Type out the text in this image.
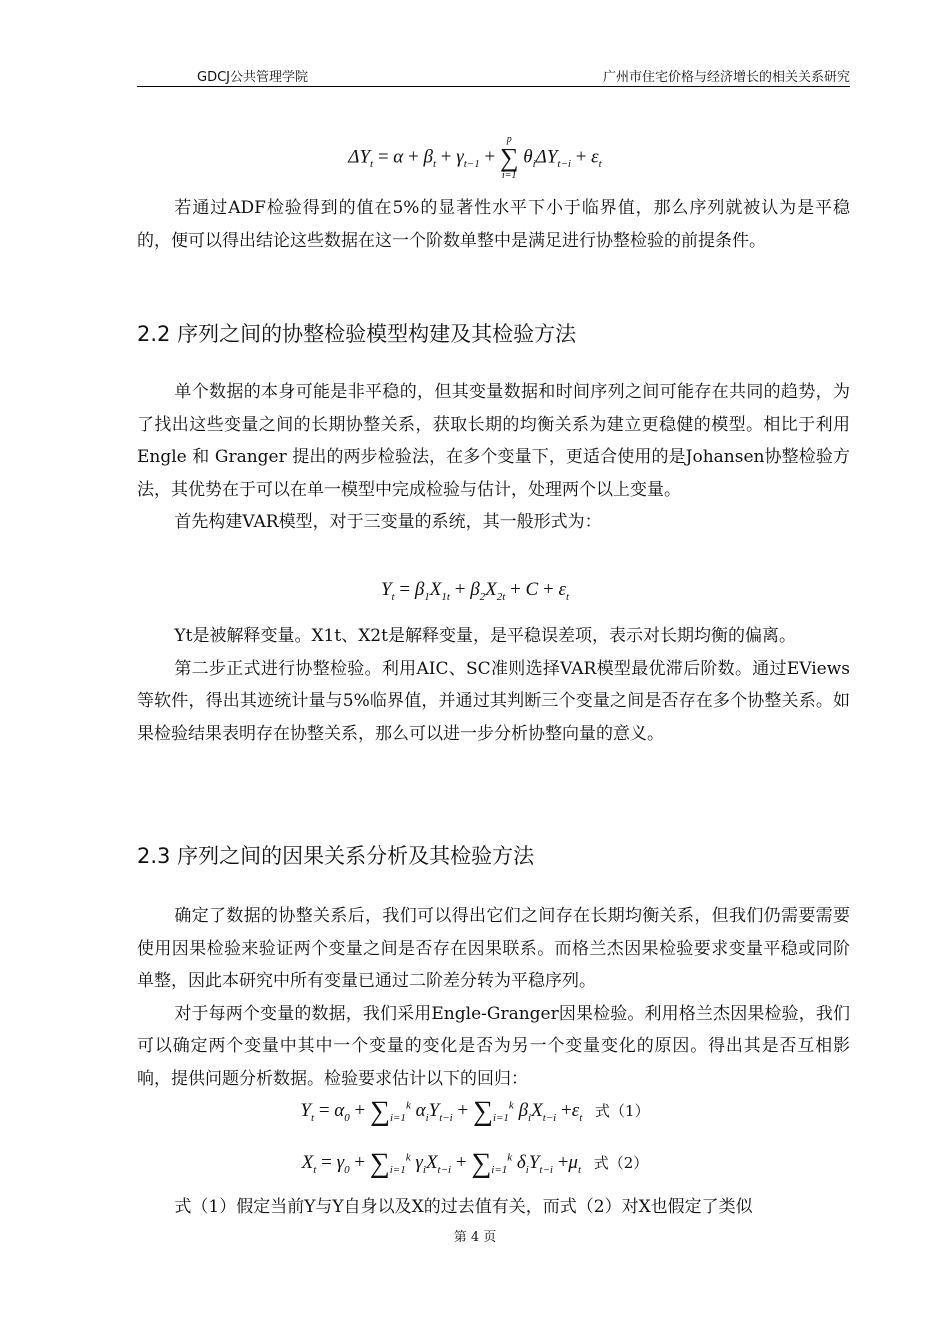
GDCJ公共管理学院	广州市住宅价格与经济增长的相关关系研究
$\Delta Y_t = \alpha + \beta_t + \gamma_{t-1}$ +
p
∑
i=1
$\theta_i\Delta Y_{t-i} + \varepsilon_t$

若通过ADF检验得到的值在5%的显著性水平下小于临界值，那么序列就被认为是平稳的，便可以得出结论这些数据在这一个阶数单整中是满足进行协整检验的前提条件。

2.2 序列之间的协整检验模型构建及其检验方法

单个数据的本身可能是非平稳的，但其变量数据和时间序列之间可能存在共同的趋势，为了找出这些变量之间的长期协整关系，获取长期的均衡关系为建立更稳健的模型。相比于利用Engle 和 Granger 提出的两步检验法，在多个变量下，更适合使用的是Johansen协整检验方法，其优势在于可以在单一模型中完成检验与估计，处理两个以上变量。

首先构建VAR模型，对于三变量的系统，其一般形式为：

$Y_t = \beta_1X_{1t} + \beta_2X_{2t} + C + \varepsilon_t$

Yt是被解释变量。X1t、X2t是解释变量，是平稳误差项，表示对长期均衡的偏离。

第二步正式进行协整检验。利用AIC、SC准则选择VAR模型最优滞后阶数。通过EViews等软件，得出其迹统计量与5%临界值，并通过其判断三个变量之间是否存在多个协整关系。如果检验结果表明存在协整关系，那么可以进一步分析协整向量的意义。

2.3 序列之间的因果关系分析及其检验方法

确定了数据的协整关系后，我们可以得出它们之间存在长期均衡关系，但我们仍需要需要使用因果检验来验证两个变量之间是否存在因果联系。而格兰杰因果检验要求变量平稳或同阶单整，因此本研究中所有变量已通过二阶差分转为平稳序列。

对于每两个变量的数据，我们采用Engle-Granger因果检验。利用格兰杰因果检验，我们可以确定两个变量中其中一个变量的变化是否为另一个变量变化的原因。得出其是否互相影响，提供问题分析数据。检验要求估计以下的回归：

$Y_t = \alpha_0 + \sum_{i=1}^k$ $\alpha_iY_{t-i} + \sum_{i=1}^k$ $\beta_iX_{t-i} +\varepsilon_t$ 式（1）
$X_t = \gamma_0 + \sum_{i=1}^k$ $\gamma_iX_{t-i} + \sum_{i=1}^k$ $\delta_iY_{t-i} +\mu_t$ 式（2）

式（1）假定当前Y与Y自身以及X的过去值有关，而式（2）对X也假定了类似

第 4 页
